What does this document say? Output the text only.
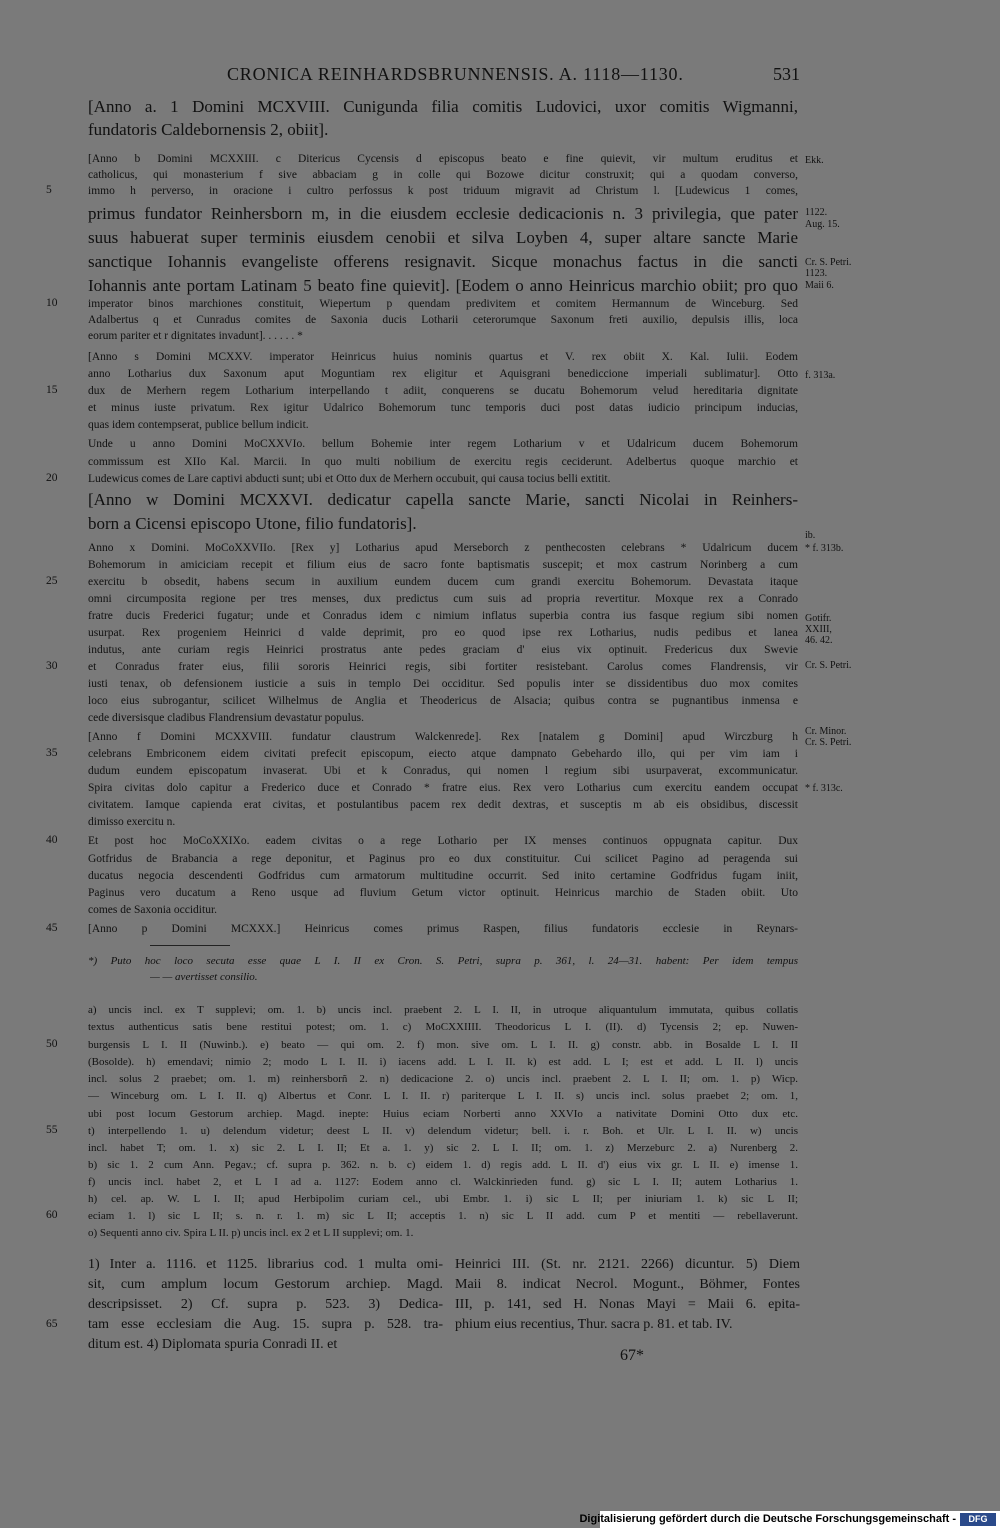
CRONICA REINHARDSBRUNNENSIS. A. 1118—1130.	531
[Anno a. 1 Domini MCXVIII. Cunigunda filia comitis Ludovici, uxor comitis Wigmanni,
fundatoris Caldebornensis 2, obiit].
[Anno b Domini MCXXIII. c Ditericus Cycensis d episcopus beato e fine quievit, vir multum eruditus et
catholicus, qui monasterium f sive abbaciam g in colle qui Bozowe dicitur construxit; qui a quodam converso,
immo h perverso, in oracione i cultro perfossus k post triduum migravit ad Christum l. [Ludewicus 1 comes,
primus fundator Reinhersborn m, in die eiusdem ecclesie dedicacionis n. 3 privilegia, que pater
suus habuerat super terminis eiusdem cenobii et silva Loyben 4, super altare sancte Marie
sanctique Iohannis evangeliste offerens resignavit. Sicque monachus factus in die sancti
Iohannis ante portam Latinam 5 beato fine quievit]. [Eodem o anno Heinricus marchio obiit; pro quo
imperator binos marchiones constituit, Wiepertum p quendam predivitem et comitem Hermannum de Winceburg. Sed
Adalbertus q et Cunradus comites de Saxonia ducis Lotharii ceterorumque Saxonum freti auxilio, depulsis illis, loca
eorum pariter et r dignitates invadunt]. . . . . . *
[Anno s Domini MCXXV. imperator Heinricus huius nominis quartus et V. rex obiit X. Kal. Iulii. Eodem
anno Lotharius dux Saxonum aput Moguntiam rex eligitur et Aquisgrani benediccione imperiali sublimatur]. Otto
dux de Merhern regem Lotharium interpellando t adiit, conquerens se ducatu Bohemorum velud hereditaria dignitate
et minus iuste privatum. Rex igitur Udalrico Bohemorum tunc temporis duci post datas iudicio principum inducias,
quas idem contempserat, publice bellum indicit.
Unde u anno Domini MoCXXVIo. bellum Bohemie inter regem Lotharium v et Udalricum ducem Bohemorum
commissum est XIIo Kal. Marcii. In quo multi nobilium de exercitu regis ceciderunt. Adelbertus quoque marchio et
Ludewicus comes de Lare captivi abducti sunt; ubi et Otto dux de Merhern occubuit, qui causa tocius belli extitit.
[Anno w Domini MCXXVI. dedicatur capella sancte Marie, sancti Nicolai in Reinhers-
born a Cicensi episcopo Utone, filio fundatoris].
Anno x Domini. MoCoXXVIIo. [Rex y] Lotharius apud Merseborch z penthecosten celebrans * Udalricum ducem
Bohemorum in amiciciam recepit et filium eius de sacro fonte baptismatis suscepit; et mox castrum Norinberg a cum
exercitu b obsedit, habens secum in auxilium eundem ducem cum grandi exercitu Bohemorum. Devastata itaque
omni circumposita regione per tres menses, dux predictus cum suis ad propria revertitur. Moxque rex a Conrado
fratre ducis Frederici fugatur; unde et Conradus idem c nimium inflatus superbia contra ius fasque regium sibi nomen
usurpat. Rex progeniem Heinrici d valde deprimit, pro eo quod ipse rex Lotharius, nudis pedibus et lanea
indutus, ante curiam regis Heinrici prostratus ante pedes graciam d' eius vix optinuit. Fredericus dux Swevie
et Conradus frater eius, filii sororis Heinrici regis, sibi fortiter resistebant. Carolus comes Flandrensis, vir
iusti tenax, ob defensionem iusticie a suis in templo Dei occiditur. Sed populis inter se dissidentibus duo mox comites
loco eius subrogantur, scilicet Wilhelmus de Anglia et Theodericus de Alsacia; quibus contra se pugnantibus inmensa e
cede diversisque cladibus Flandrensium devastatur populus.
[Anno f Domini MCXXVIII. fundatur claustrum Walckenrede]. Rex [natalem g Domini] apud Wirczburg h
celebrans Embriconem eidem civitati prefecit episcopum, eiecto atque dampnato Gebehardo illo, qui per vim iam i
dudum eundem episcopatum invaserat. Ubi et k Conradus, qui nomen l regium sibi usurpaverat, excommunicatur.
Spira civitas dolo capitur a Frederico duce et Conrado * fratre eius. Rex vero Lotharius cum exercitu eandem occupat
civitatem. Iamque capienda erat civitas, et postulantibus pacem rex dedit dextras, et susceptis m ab eis obsidibus, discessit
dimisso exercitu n.
Et post hoc MoCoXXIXo. eadem civitas o a rege Lothario per IX menses continuos oppugnata capitur. Dux
Gotfridus de Brabancia a rege deponitur, et Paginus pro eo dux constituitur. Cui scilicet Pagino ad peragenda sui
ducatus negocia descendenti Godfridus cum armatorum multitudine occurrit. Sed inito certamine Godfridus fugam iniit,
Paginus vero ducatum a Reno usque ad fluvium Getum victor optinuit. Heinricus marchio de Staden obiit. Uto
comes de Saxonia occiditur.
[Anno p Domini MCXXX.] Heinricus comes primus Raspen, filius fundatoris ecclesie in Reynars-
5
10
15
20
25
30
35
40
45
50
55
60
65
Ekk.
1122.
Aug. 15.
Cr. S. Petri.
1123.
Maii 6.
f. 313a.
ib.
* f. 313b.
Gotifr.
XXIII,
46. 42.
Cr. S. Petri.
Cr. Minor.
Cr. S. Petri.
* f. 313c.
*) Puto hoc loco secuta esse quae L I. II ex Cron. S. Petri, supra p. 361, l. 24—31. habent: Per idem tempus
— — avertisset consilio.
a) uncis incl. ex T supplevi; om. 1. b) uncis incl. praebent 2. L I. II, in utroque aliquantulum immutata, quibus collatis
textus authenticus satis bene restitui potest; om. 1. c) MoCXXIIII. Theodoricus L I. (II). d) Tycensis 2; ep. Nuwen-
burgensis L I. II (Nuwinb.). e) beato — qui om. 2. f) mon. sive om. L I. II. g) constr. abb. in Bosalde L I. II
(Bosolde). h) emendavi; nimio 2; modo L I. II. i) iacens add. L I. II. k) est add. L I; est et add. L II. l) uncis
incl. solus 2 praebet; om. 1. m) reinhersborñ 2. n) dedicacione 2. o) uncis incl. praebent 2. L I. II; om. 1. p) Wicp.
— Winceburg om. L I. II. q) Albertus et Conr. L I. II. r) pariterque L I. II. s) uncis incl. solus praebet 2; om. 1,
ubi post locum Gestorum archiep. Magd. inepte: Huius eciam Norberti anno XXVIo a nativitate Domini Otto dux etc.
t) interpellendo 1. u) delendum videtur; deest L II. v) delendum videtur; bell. i. r. Boh. et Ulr. L I. II. w) uncis
incl. habet T; om. 1. x) sic 2. L I. II; Et a. 1. y) sic 2. L I. II; om. 1. z) Merzeburc 2. a) Nurenberg 2.
b) sic 1. 2 cum Ann. Pegav.; cf. supra p. 362. n. b. c) eidem 1. d) regis add. L II. d') eius vix gr. L II. e) imense 1.
f) uncis incl. habet 2, et L I ad a. 1127: Eodem anno cl. Walckinrieden fund. g) sic L I. II; autem Lotharius 1.
h) cel. ap. W. L I. II; apud Herbipolim curiam cel., ubi Embr. 1. i) sic L II; per iniuriam 1. k) sic L II;
eciam 1. l) sic L II; s. n. r. 1. m) sic L II; acceptis 1. n) sic L II add. cum P et mentiti — rebellaverunt.
o) Sequenti anno civ. Spira L II. p) uncis incl. ex 2 et L II supplevi; om. 1.
1) Inter a. 1116. et 1125. librarius cod. 1 multa omi-
sit, cum amplum locum Gestorum archiep. Magd.
descripsisset. 2) Cf. supra p. 523. 3) Dedica-
tam esse ecclesiam die Aug. 15. supra p. 528. tra-
ditum est. 4) Diplomata spuria Conradi II. et
Heinrici III. (St. nr. 2121. 2266) dicuntur. 5) Diem
Maii 8. indicat Necrol. Mogunt., Böhmer, Fontes
III, p. 141, sed H. Nonas Mayi = Maii 6. epita-
phium eius recentius, Thur. sacra p. 81. et tab. IV.
67*
Digitalisierung gefördert durch die Deutsche Forschungsgemeinschaft -	DFG
